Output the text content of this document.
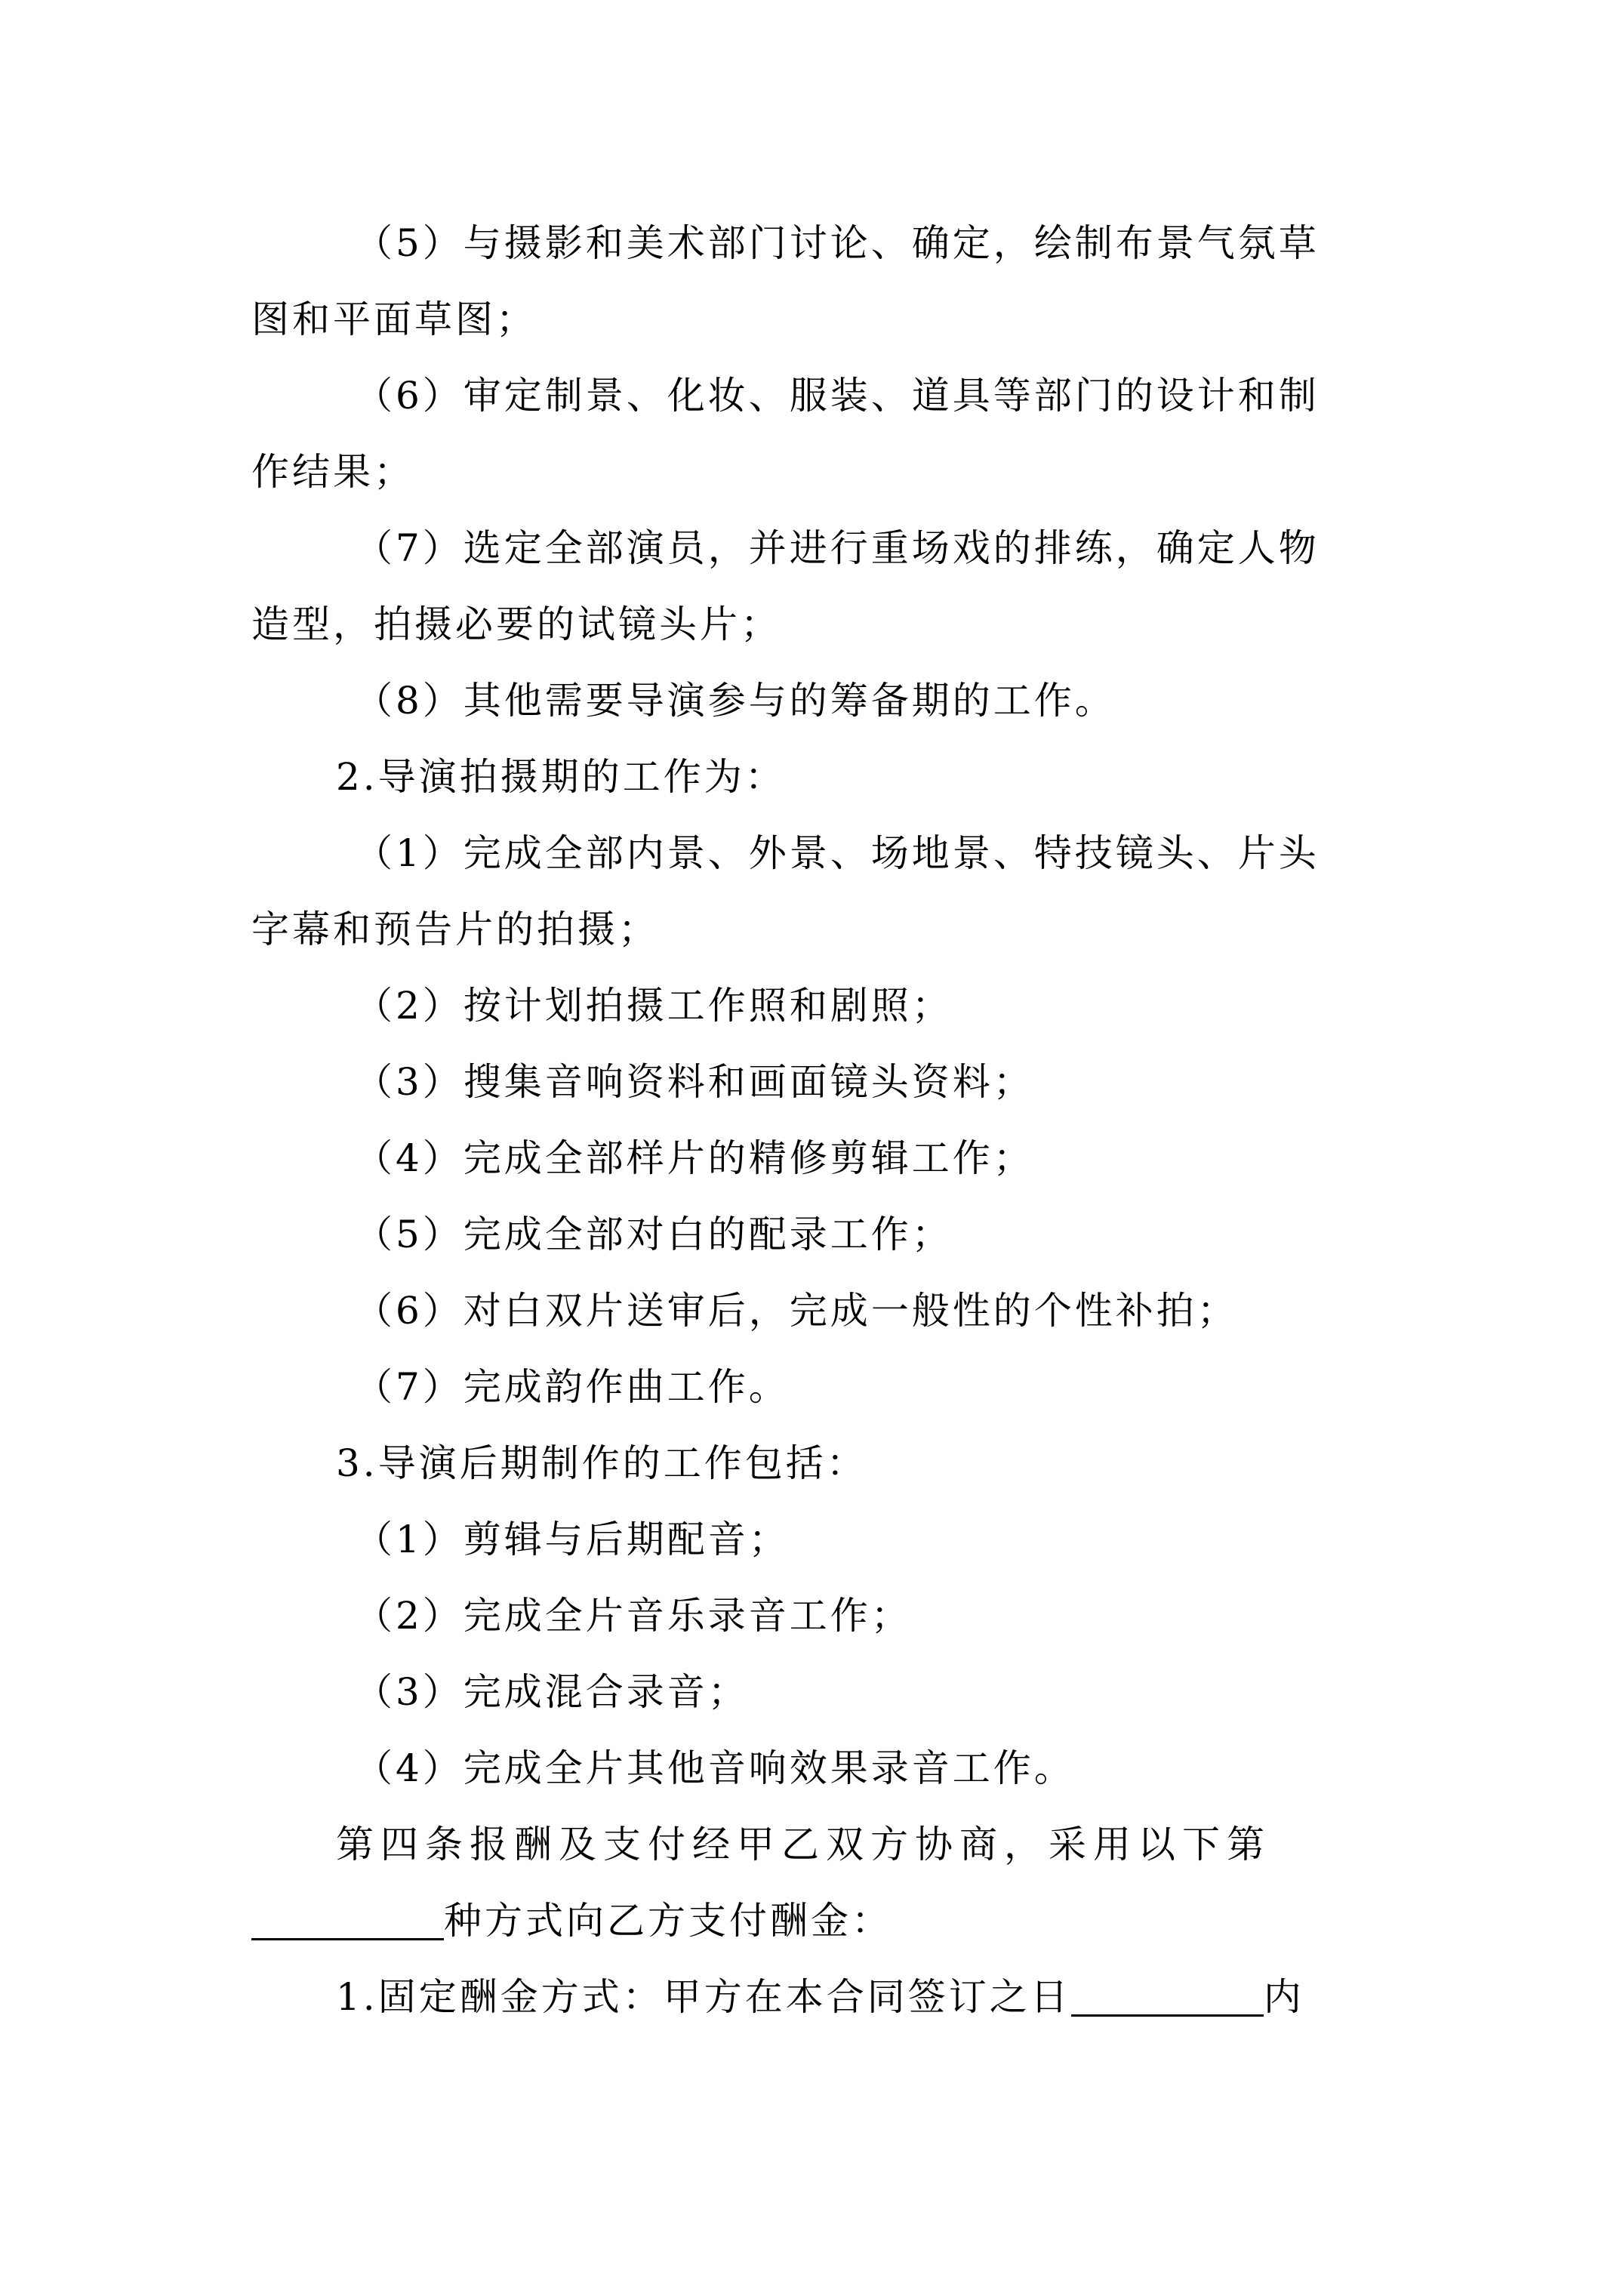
（5）与摄影和美术部门讨论、确定，绘制布景气氛草
图和平面草图；
（6）审定制景、化妆、服装、道具等部门的设计和制
作结果；
（7）选定全部演员，并进行重场戏的排练，确定人物
造型，拍摄必要的试镜头片；
（8）其他需要导演参与的筹备期的工作。
2.导演拍摄期的工作为：
（1）完成全部内景、外景、场地景、特技镜头、片头
字幕和预告片的拍摄；
（2）按计划拍摄工作照和剧照；
（3）搜集音响资料和画面镜头资料；
（4）完成全部样片的精修剪辑工作；
（5）完成全部对白的配录工作；
（6）对白双片送审后，完成一般性的个性补拍；
（7）完成韵作曲工作。
3.导演后期制作的工作包括：
（1）剪辑与后期配音；
（2）完成全片音乐录音工作；
（3）完成混合录音；
（4）完成全片其他音响效果录音工作。
第四条报酬及支付经甲乙双方协商，采用以下第
种方式向乙方支付酬金：
1.固定酬金方式：甲方在本合同签订之日	内
